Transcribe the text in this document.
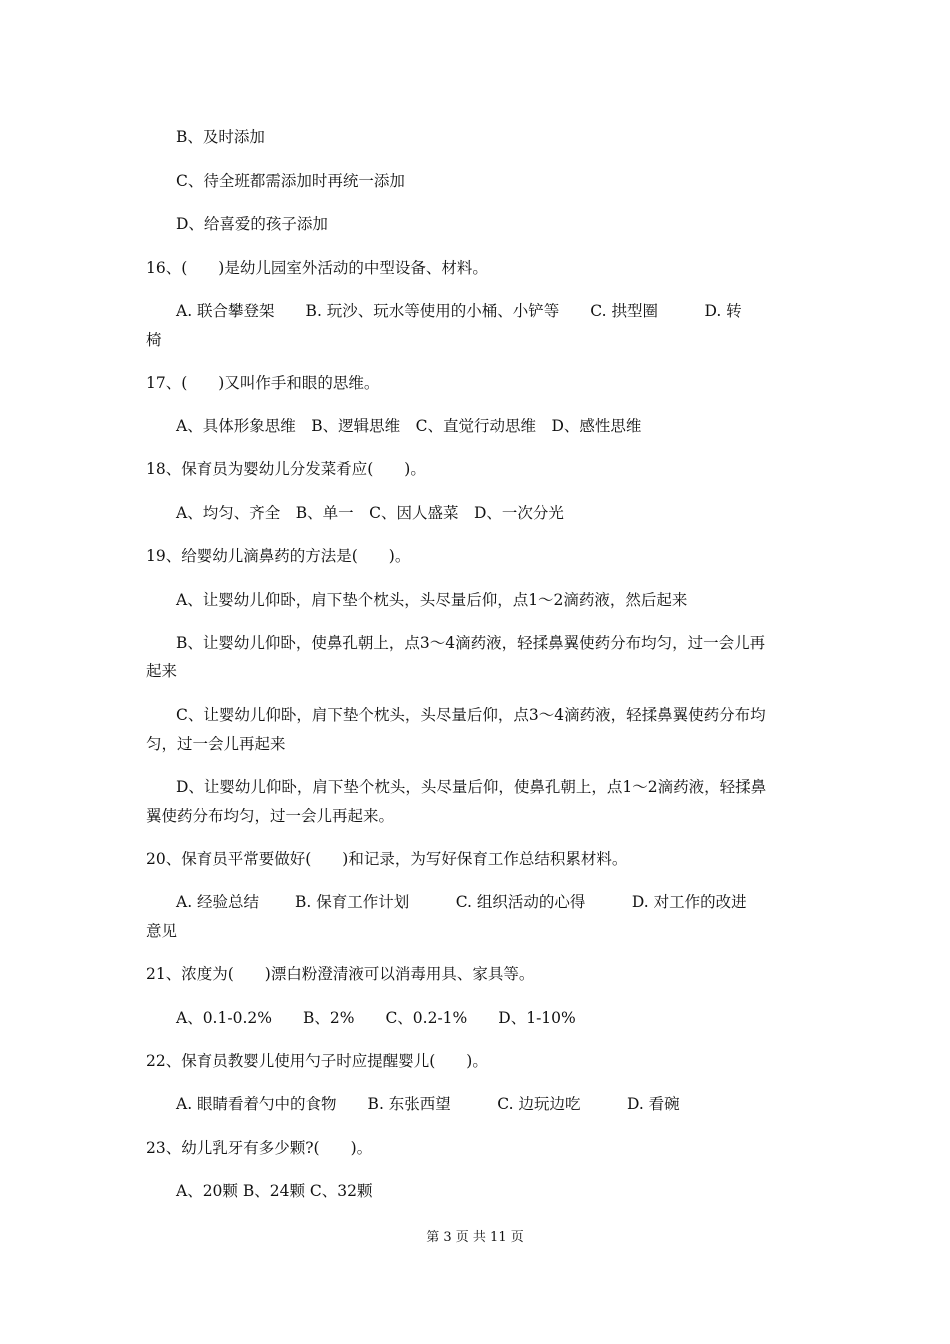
B、及时添加
C、待全班都需添加时再统一添加
D、给喜爱的孩子添加
16、(　　)是幼儿园室外活动的中型设备、材料。
A. 联合攀登架　　B. 玩沙、玩水等使用的小桶、小铲等　　C. 拱型圈　　　D. 转
椅
17、(　　)又叫作手和眼的思维。
A、具体形象思维　B、逻辑思维　C、直觉行动思维　D、感性思维
18、保育员为婴幼儿分发菜肴应(　　)。
A、均匀、齐全　B、单一　C、因人盛菜　D、一次分光
19、给婴幼儿滴鼻药的方法是(　　)。
A、让婴幼儿仰卧，肩下垫个枕头，头尽量后仰，点1～2滴药液，然后起来
B、让婴幼儿仰卧，使鼻孔朝上，点3～4滴药液，轻揉鼻翼使药分布均匀，过一会儿再
起来
C、让婴幼儿仰卧，肩下垫个枕头，头尽量后仰，点3～4滴药液，轻揉鼻翼使药分布均
匀，过一会儿再起来
D、让婴幼儿仰卧，肩下垫个枕头，头尽量后仰，使鼻孔朝上，点1～2滴药液，轻揉鼻
翼使药分布均匀，过一会儿再起来。
20、保育员平常要做好(　　)和记录，为写好保育工作总结积累材料。
A. 经验总结　　 B. 保育工作计划　　　C. 组织活动的心得　　　D. 对工作的改进
意见
21、浓度为(　　)漂白粉澄清液可以消毒用具、家具等。
A、0.1-0.2%　　B、2%　　C、0.2-1%　　D、1-10%
22、保育员教婴儿使用勺子时应提醒婴儿(　　)。
A. 眼睛看着勺中的食物　　B. 东张西望　　　C. 边玩边吃　　　D. 看碗
23、幼儿乳牙有多少颗?(　　)。
A、20颗 B、24颗 C、32颗
第 3 页 共 11 页
